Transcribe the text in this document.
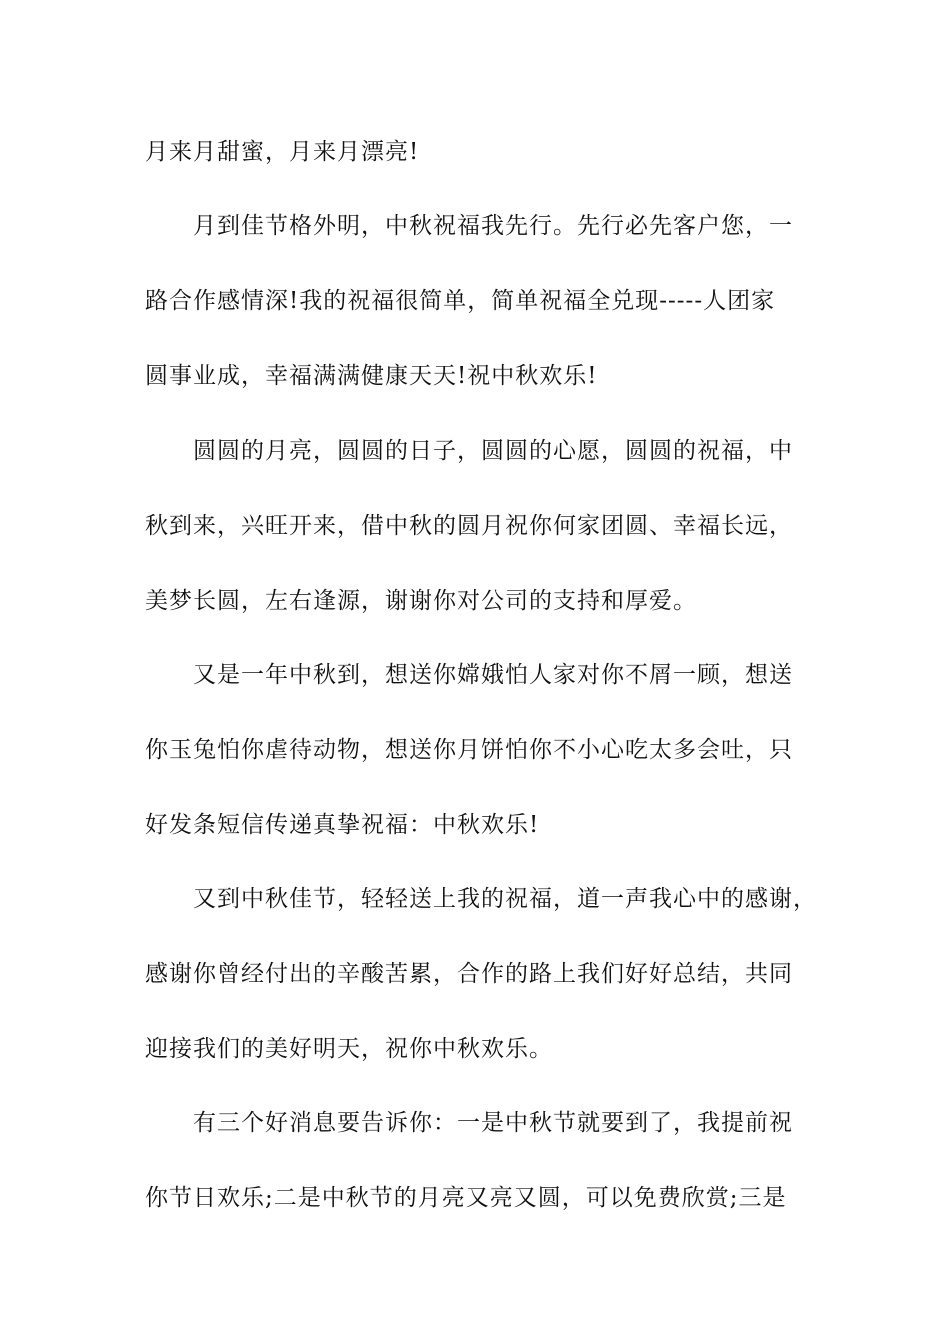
月来月甜蜜，月来月漂亮!
月到佳节格外明，中秋祝福我先行。先行必先客户您，一
路合作感情深!我的祝福很简单，简单祝福全兑现-----人团家
圆事业成，幸福满满健康天天!祝中秋欢乐!
圆圆的月亮，圆圆的日子，圆圆的心愿，圆圆的祝福，中
秋到来，兴旺开来，借中秋的圆月祝你何家团圆、幸福长远，
美梦长圆，左右逢源，谢谢你对公司的支持和厚爱。
又是一年中秋到，想送你嫦娥怕人家对你不屑一顾，想送
你玉兔怕你虐待动物，想送你月饼怕你不小心吃太多会吐，只
好发条短信传递真挚祝福：中秋欢乐!
又到中秋佳节，轻轻送上我的祝福，道一声我心中的感谢，
感谢你曾经付出的辛酸苦累，合作的路上我们好好总结，共同
迎接我们的美好明天，祝你中秋欢乐。
有三个好消息要告诉你：一是中秋节就要到了，我提前祝
你节日欢乐;二是中秋节的月亮又亮又圆，可以免费欣赏;三是
